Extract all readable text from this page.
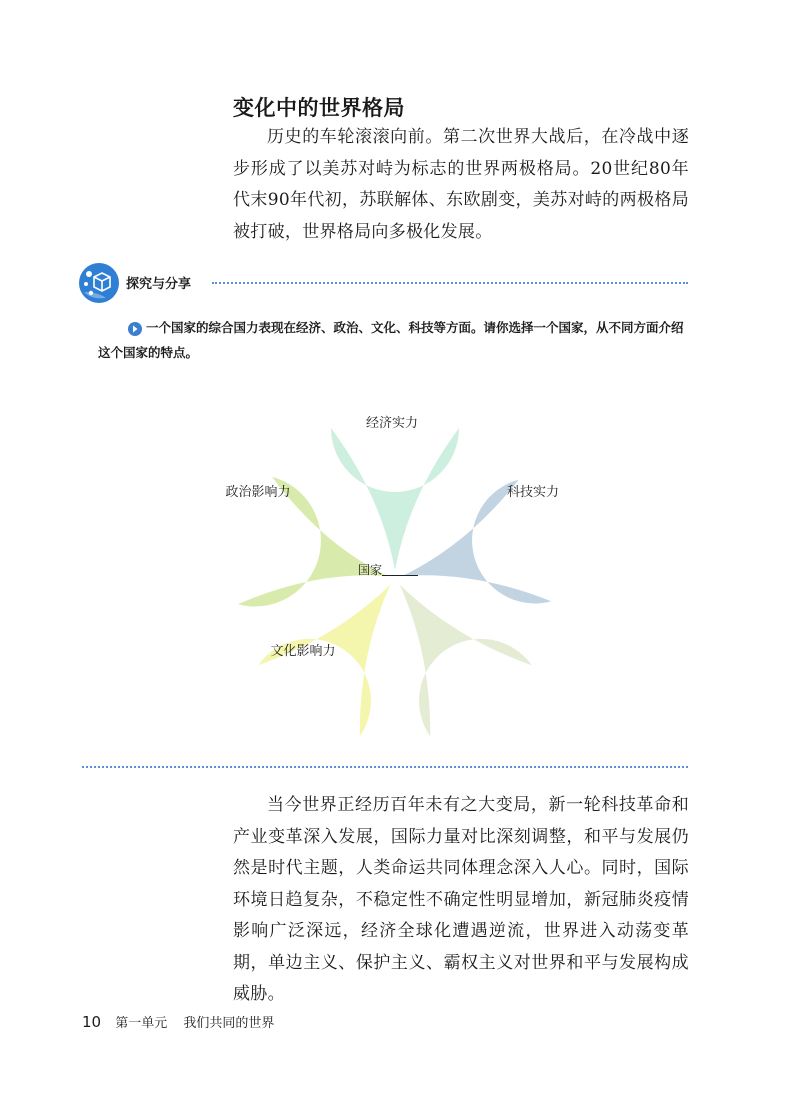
变化中的世界格局

历史的车轮滚滚向前。第二次世界大战后，在冷战中逐步形成了以美苏对峙为标志的世界两极格局。20世纪80年代末90年代初，苏联解体、东欧剧变，美苏对峙的两极格局被打破，世界格局向多极化发展。

探究与分享

一个国家的综合国力表现在经济、政治、文化、科技等方面。请你选择一个国家，从不同方面介绍这个国家的特点。

经济实力
政治影响力	科技实力
文化影响力
国家

当今世界正经历百年未有之大变局，新一轮科技革命和产业变革深入发展，国际力量对比深刻调整，和平与发展仍然是时代主题，人类命运共同体理念深入人心。同时，国际环境日趋复杂，不稳定性不确定性明显增加，新冠肺炎疫情影响广泛深远，经济全球化遭遇逆流，世界进入动荡变革期，单边主义、保护主义、霸权主义对世界和平与发展构成威胁。

10 第一单元 我们共同的世界
